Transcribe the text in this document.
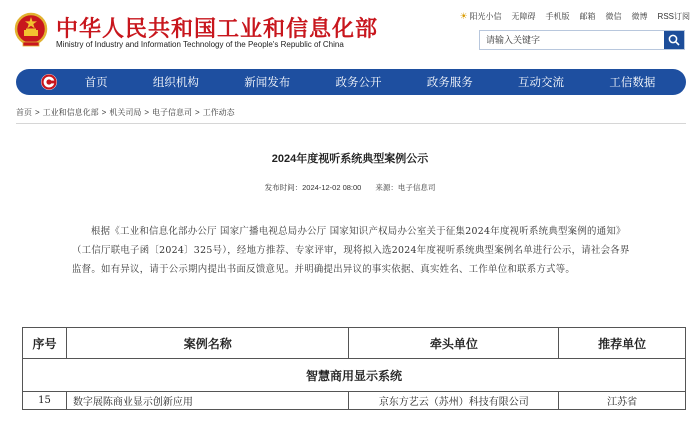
中华人民共和国工业和信息化部
Ministry of Industry and Information Technology of the People's Republic of China
☀ 阳光小信 无障碍 手机版 邮箱 微信 微博 RSS订阅
请输入关键字
首页	组织机构	新闻发布	政务公开	政务服务	互动交流	工信数据
首页 > 工业和信息化部 > 机关司局 > 电子信息司 > 工作动态
2024年度视听系统典型案例公示
发布时间：2024-12-02 08:00 来源：电子信息司

根据《工业和信息化部办公厅 国家广播电视总局办公厅 国家知识产权局办公室关于征集2024年度视听系统典型案例的通知》（工信厅联电子函〔2024〕325号），经地方推荐、专家评审，现将拟入选2024年度视听系统典型案例名单进行公示，请社会各界监督。如有异议，请于公示期内提出书面反馈意见。并明确提出异议的事实依据、真实姓名、工作单位和联系方式等。

序号	案例名称	牵头单位	推荐单位
智慧商用显示系统			
15	数字展陈商业显示创新应用	京东方艺云（苏州）科技有限公司	江苏省
